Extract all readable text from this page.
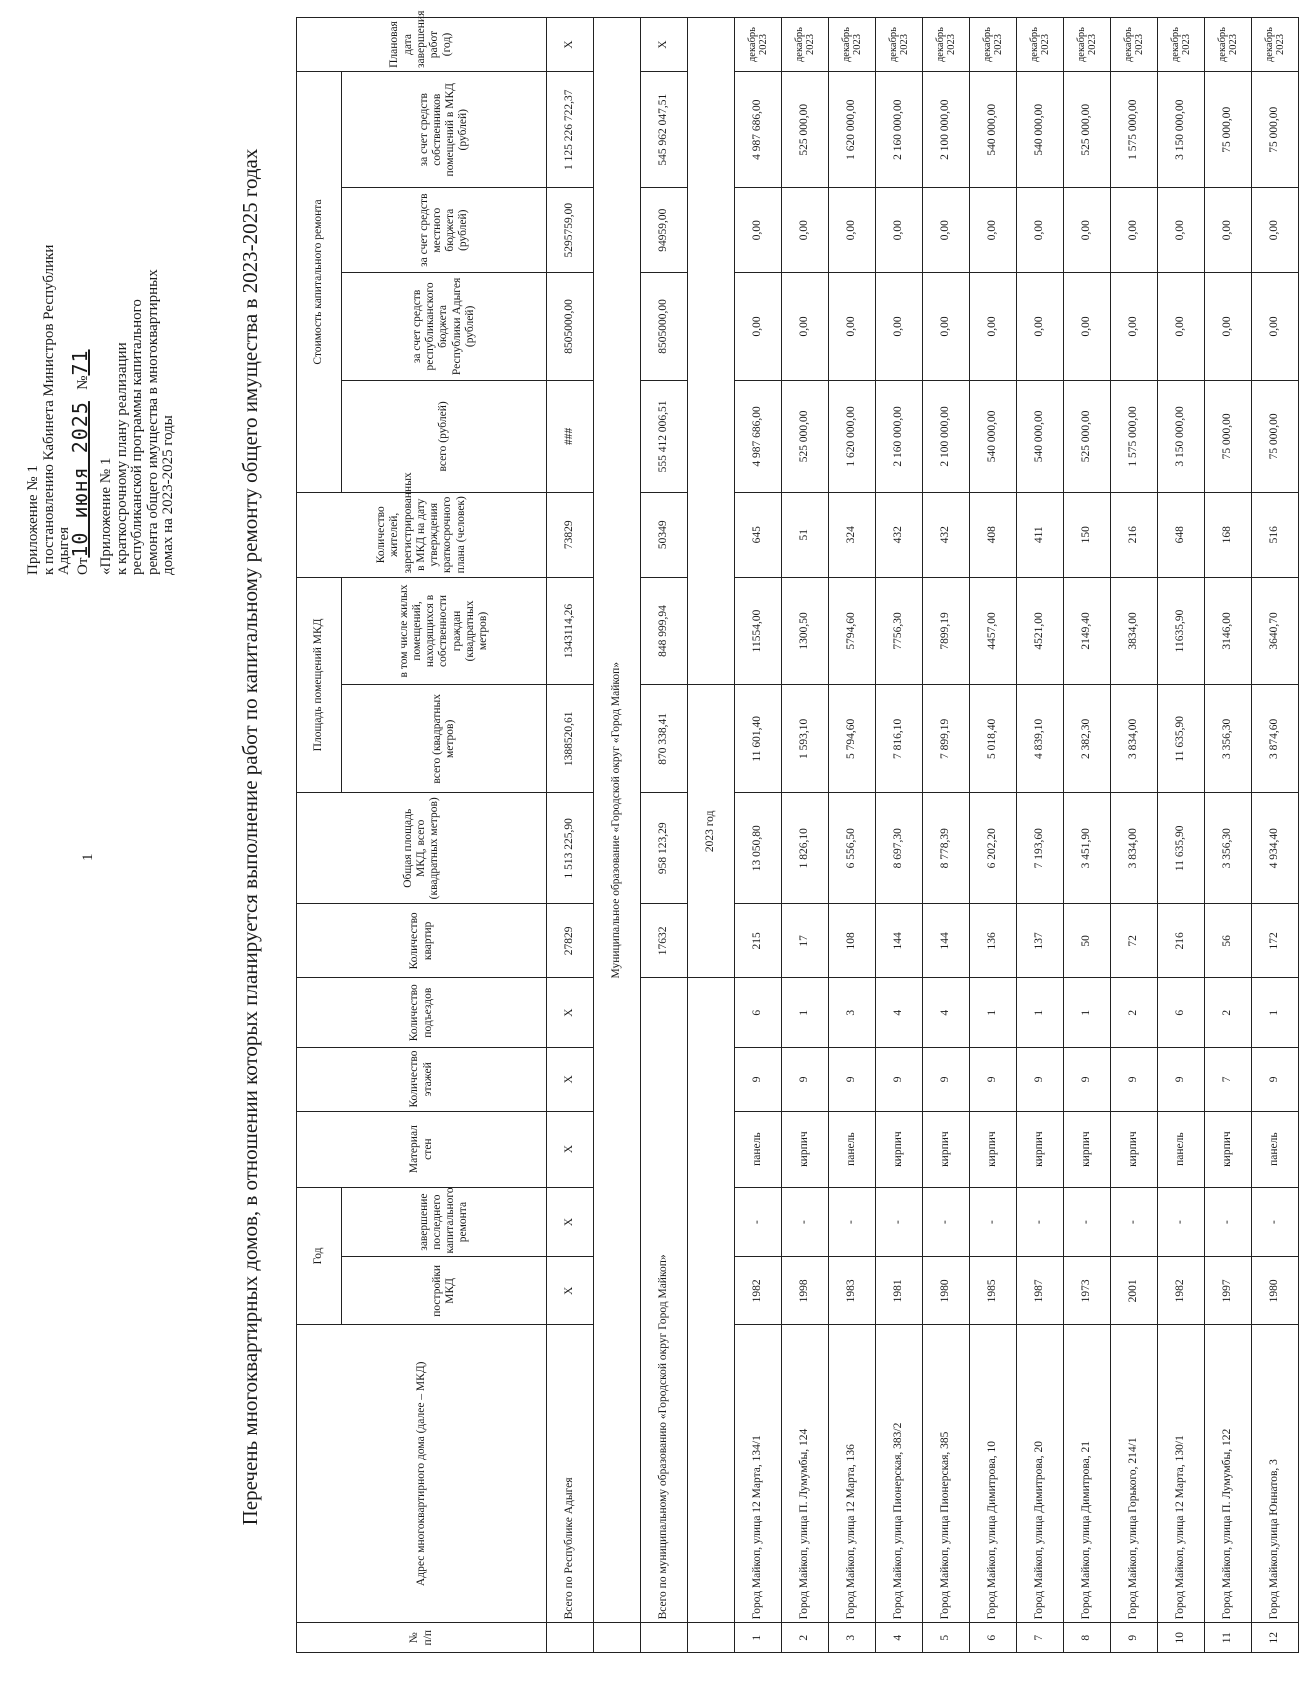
1

Приложение № 1 к постановлению Кабинета Министров Республики Адыгея От10 июня 2025   №71

«Приложение № 1 к краткосрочному плану реализации республиканской программы капитального ремонта общего имущества в многоквартирных домах на 2023-2025 годы	Перечень многоквартирных домов, в отношении которых планируется выполнение работ по капитальному ремонту общего имущества в 2023-2025 годах
№ п/п	Адрес многоквартирного дома (далее – МКД)	Год		Материал стен	Количество этажей	Количество подъездов	Количество квартир	Общая площадь МКД, всего (квадратных метров)	Площадь помещений МКД		Количество жителей, зарегистрированных в МКД на дату утверждения краткосрочного плана (человек)	Стоимость капитального ремонта				Плановая дата завершения работ (год)
		постройки МКД	завершение последнего капитального ремонта						всего (квадратных метров)	в том числе жилых помещений, находящихся в собственности граждан (квадратных метров)		всего (рублей)	за счет средств республиканского бюджета Республики Адыгея (рублей)	за счет средств местного бюджета (рублей)	за счет средств собственников помещений в МКД (рублей)	
	Всего по Республике Адыгея	X	X	X	X	X	27829	1 513 225,90	1388520,61	1343114,26	73829	###	8505000,00	5295759,00	1 125 226 722,37	X
	Муниципальное образование «Городской округ «Город Майкоп»															
	Всего по муниципальному образованию «Городской округ Город Майкоп»						17632	958 123,29	870 338,41	848 999,94	50349	555 412 006,51	8505000,00	94959,00	545 962 047,51	X
							2023 год									
1	Город Майкоп, улица 12 Марта, 134/1	1982	-	панель	9	6	215	13 050,80	11 601,40	11554,00	645	4 987 686,00	0,00	0,00	4 987 686,00	декабрь 2023
2	Город Майкоп, улица П. Лумумбы, 124	1998	-	кирпич	9	1	17	1 826,10	1 593,10	1300,50	51	525 000,00	0,00	0,00	525 000,00	декабрь 2023
3	Город Майкоп, улица 12 Марта, 136	1983	-	панель	9	3	108	6 556,50	5 794,60	5794,60	324	1 620 000,00	0,00	0,00	1 620 000,00	декабрь 2023
4	Город Майкоп, улица Пионерская, 383/2	1981	-	кирпич	9	4	144	8 697,30	7 816,10	7756,30	432	2 160 000,00	0,00	0,00	2 160 000,00	декабрь 2023
5	Город Майкоп, улица Пионерская, 385	1980	-	кирпич	9	4	144	8 778,39	7 899,19	7899,19	432	2 100 000,00	0,00	0,00	2 100 000,00	декабрь 2023
6	Город Майкоп, улица Димитрова, 10	1985	-	кирпич	9	1	136	6 202,20	5 018,40	4457,00	408	540 000,00	0,00	0,00	540 000,00	декабрь 2023
7	Город Майкоп, улица Димитрова, 20	1987	-	кирпич	9	1	137	7 193,60	4 839,10	4521,00	411	540 000,00	0,00	0,00	540 000,00	декабрь 2023
8	Город Майкоп, улица Димитрова, 21	1973	-	кирпич	9	1	50	3 451,90	2 382,30	2149,40	150	525 000,00	0,00	0,00	525 000,00	декабрь 2023
9	Город Майкоп, улица Горького, 214/1	2001	-	кирпич	9	2	72	3 834,00	3 834,00	3834,00	216	1 575 000,00	0,00	0,00	1 575 000,00	декабрь 2023
10	Город Майкоп, улица 12 Марта, 130/1	1982	-	панель	9	6	216	11 635,90	11 635,90	11635,90	648	3 150 000,00	0,00	0,00	3 150 000,00	декабрь 2023
11	Город Майкоп, улица П. Лумумбы, 122	1997	-	кирпич	7	2	56	3 356,30	3 356,30	3146,00	168	75 000,00	0,00	0,00	75 000,00	декабрь 2023
12	Город Майкоп,улица Юннатов, 3	1980	-	панель	9	1	172	4 934,40	3 874,60	3640,70	516	75 000,00	0,00	0,00	75 000,00	декабрь 2023
